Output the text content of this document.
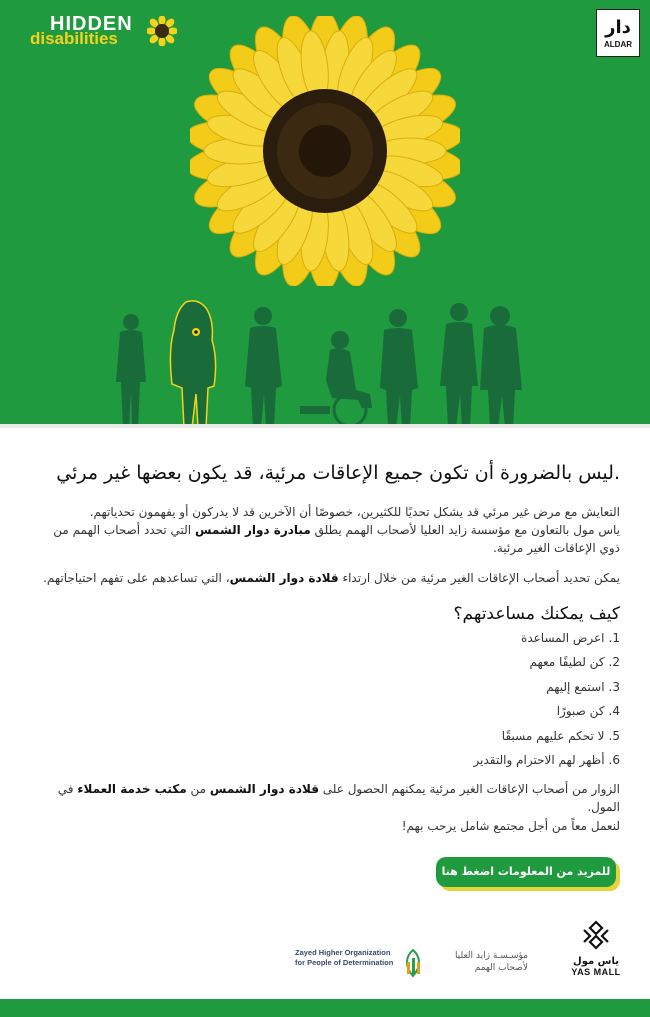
HIDDEN
disabilities
ﺩﺍﺭ
ALDAR
ليس بالضرورة أن تكون جميع الإعاقات مرئية، قد يكون بعضها غير مرئي.
التعايش مع مرض غير مرئي قد يشكل تحديًا للكثيرين، خصوصًا أن الآخرين قد لا يدركون أو يفهمون تحدياتهم.
ياس مول بالتعاون مع مؤسسة زايد العليا لأصحاب الهمم يطلق مبادرة دوار الشمس التي تحدد أصحاب الهمم من ذوي الإعاقات الغير مرئية.
يمكن تحديد أصحاب الإعاقات الغير مرئية من خلال ارتداء قلادة دوار الشمس، التي تساعدهم على تفهم احتياجاتهم.
كيف يمكنك مساعدتهم؟
1.اعرض المساعدة
2.كن لطيفًا معهم
3.استمع إليهم
4.كن صبورًا
5.لا تحكم عليهم مسبقًا
6.أظهر لهم الاحترام والتقدير
الزوار من أصحاب الإعاقات الغير مرئية يمكنهم الحصول على قلادة دوار الشمس من مكتب خدمة العملاء في المول.
لنعمل معاً من أجل مجتمع شامل يرحب بهم!
للمزيد من المعلومات اضغط هنا
Zayed Higher Organization
for People of Determination
مؤسـسـة زايد العليا
لأصحاب الهمم
ياس مول
YAS MALL
